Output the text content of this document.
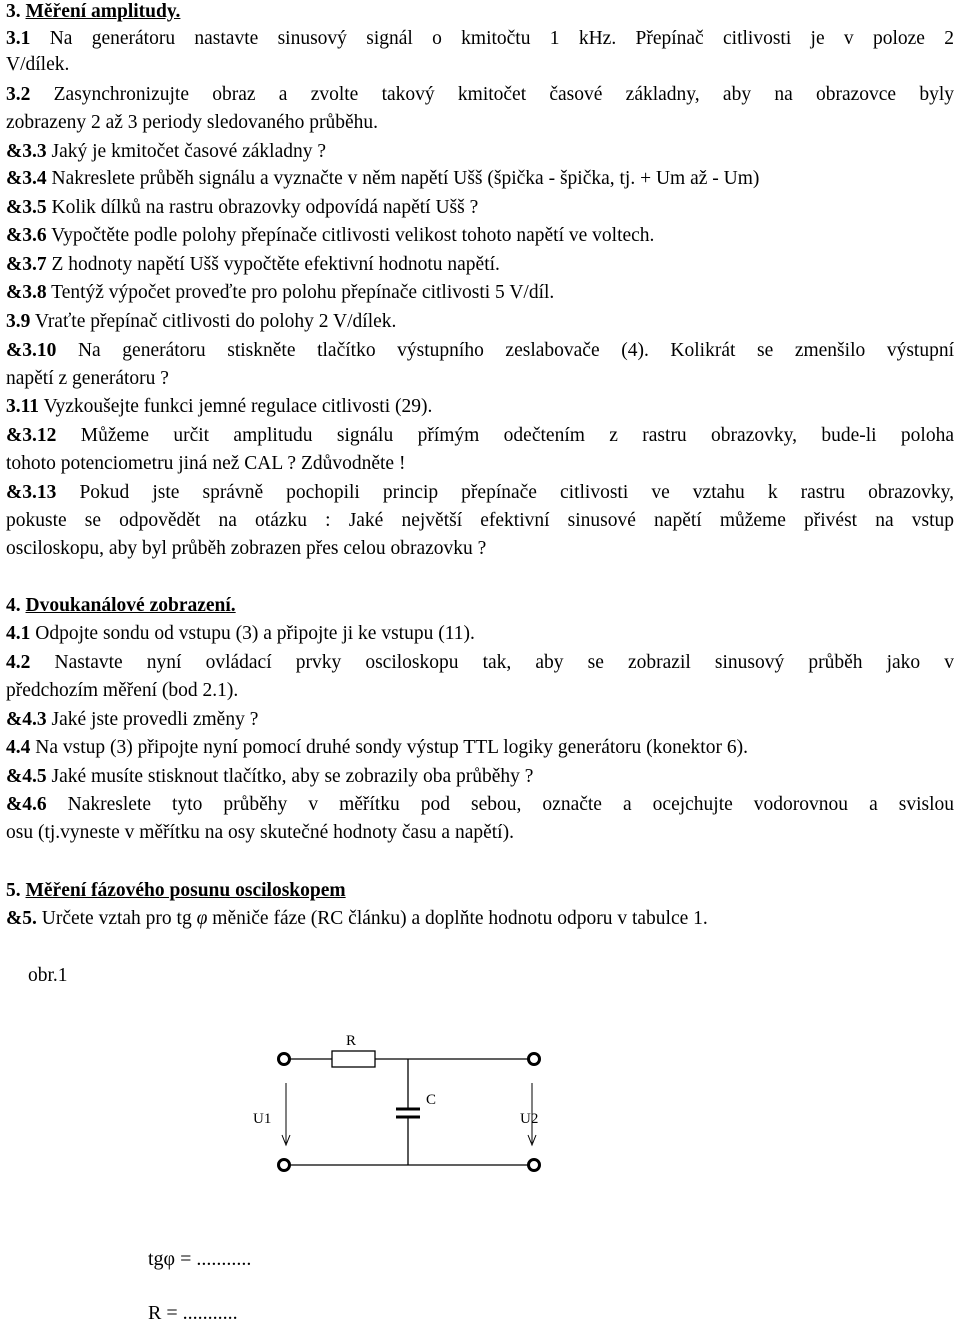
3. Měření amplitudy.
3.1 Na generátoru nastavte sinusový signál o kmitočtu 1 kHz. Přepínač citlivosti je v poloze 2
V/dílek.
3.2 Zasynchronizujte obraz a zvolte takový kmitočet časové základny, aby na obrazovce byly
zobrazeny 2 až 3 periody sledovaného průběhu.
&3.3 Jaký je kmitočet časové základny ?
&3.4 Nakreslete průběh signálu a vyznačte v něm napětí Ušš (špička - špička, tj. + Um až - Um)
&3.5 Kolik dílků na rastru obrazovky odpovídá napětí Ušš ?
&3.6 Vypočtěte podle polohy přepínače citlivosti velikost tohoto napětí ve voltech.
&3.7 Z hodnoty napětí Ušš vypočtěte efektivní hodnotu napětí.
&3.8 Tentýž výpočet proveďte pro polohu přepínače citlivosti 5 V/díl.
3.9 Vraťte přepínač citlivosti do polohy 2 V/dílek.
&3.10 Na generátoru stiskněte tlačítko výstupního zeslabovače (4). Kolikrát se zmenšilo výstupní
napětí z generátoru ?
3.11 Vyzkoušejte funkci jemné regulace citlivosti (29).
&3.12 Můžeme určit amplitudu signálu přímým odečtením z rastru obrazovky, bude-li poloha
tohoto potenciometru jiná než CAL ? Zdůvodněte !
&3.13 Pokud jste správně pochopili princip přepínače citlivosti ve vztahu k rastru obrazovky,
pokuste se odpovědět na otázku : Jaké největší efektivní sinusové napětí můžeme přivést na vstup
osciloskopu, aby byl průběh zobrazen přes celou obrazovku ?
4. Dvoukanálové zobrazení.
4.1 Odpojte sondu od vstupu (3) a připojte ji ke vstupu (11).
4.2 Nastavte nyní ovládací prvky osciloskopu tak, aby se zobrazil sinusový průběh jako v
předchozím měření (bod 2.1).
&4.3 Jaké jste provedli změny ?
4.4 Na vstup (3) připojte nyní pomocí druhé sondy výstup TTL logiky generátoru (konektor 6).
&4.5 Jaké musíte stisknout tlačítko, aby se zobrazily oba průběhy ?
&4.6 Nakreslete tyto průběhy v měřítku pod sebou, označte a ocejchujte vodorovnou a svislou
osu (tj.vyneste v měřítku na osy skutečné hodnoty času a napětí).
5. Měření fázového posunu osciloskopem
&5. Určete vztah pro tg φ měniče fáze (RC článku) a doplňte hodnotu odporu v tabulce 1.
obr.1
R
C
U1	U2
tgφ = ...........
R = ...........
